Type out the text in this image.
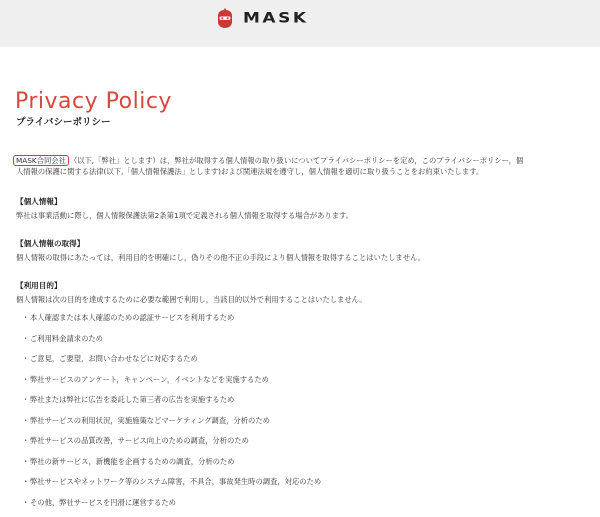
MASK
Privacy Policy
プライバシーポリシー

MASK合同会社 （以下,「弊社」とします）は，弊社が取得する個人情報の取り扱いについてプライバシーポリシーを定め，このプライバシーポリシー，個
人情報の保護に関する法律(以下,「個人情報保護法」とします)および関連法規を遵守し，個人情報を適切に取り扱うことをお約束いたします。

【個人情報】

弊社は事業活動に際し，個人情報保護法第2条第1項で定義される個人情報を取得する場合があります。

【個人情報の取得】

個人情報の取得にあたっては，利用目的を明確にし，偽りその他不正の手段により個人情報を取得することはいたしません。

【利用目的】

個人情報は次の目的を達成するために必要な範囲で利用し，当該目的以外で利用することはいたしません。

・本人確認または本人確認のための認証サービスを利用するため
・ご利用料金請求のため
・ご意見，ご要望，お問い合わせなどに対応するため
・弊社サービスのアンケート，キャンペーン，イベントなどを実施するため
・弊社または弊社に広告を委託した第三者の広告を実施するため
・弊社サービスの利用状況，実施施策などマーケティング調査，分析のため
・弊社サービスの品質改善，サービス向上のための調査，分析のため
・弊社の新サービス，新機能を企画するための調査，分析のため
・弊社サービスやネットワーク等のシステム障害，不具合，事故発生時の調査，対応のため
・その他，弊社サービスを円滑に運営するため
